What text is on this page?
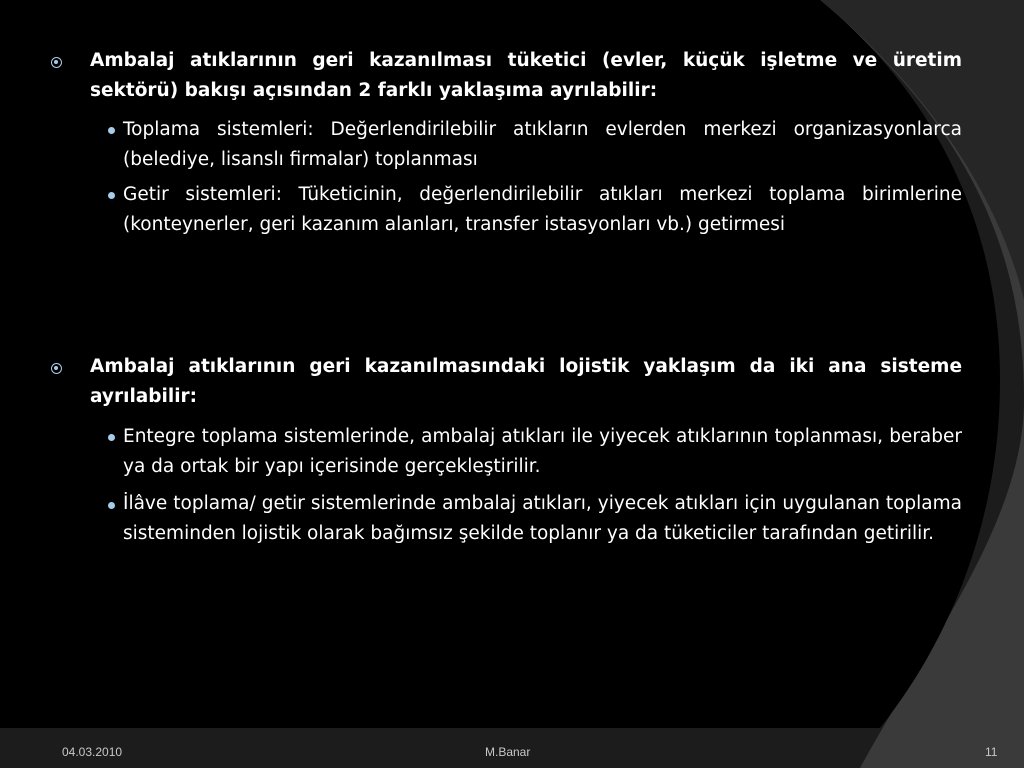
Ambalaj atıklarının geri kazanılması tüketici (evler, küçük işletme ve üretim sektörü) bakışı açısından 2 farklı yaklaşıma ayrılabilir:

Toplama sistemleri: Değerlendirilebilir atıkların evlerden merkezi organizasyonlarca (belediye, lisanslı firmalar) toplanması

Getir sistemleri: Tüketicinin, değerlendirilebilir atıkları merkezi toplama birimlerine (konteynerler, geri kazanım alanları, transfer istasyonları vb.) getirmesi

Ambalaj atıklarının geri kazanılmasındaki lojistik yaklaşım da iki ana sisteme ayrılabilir:

Entegre toplama sistemlerinde, ambalaj atıkları ile yiyecek atıklarının toplanması, beraber ya da ortak bir yapı içerisinde gerçekleştirilir.

İlâve toplama/ getir sistemlerinde ambalaj atıkları, yiyecek atıkları için uygulanan toplama sisteminden lojistik olarak bağımsız şekilde toplanır ya da tüketiciler tarafından getirilir.

04.03.2010	M.Banar	11
